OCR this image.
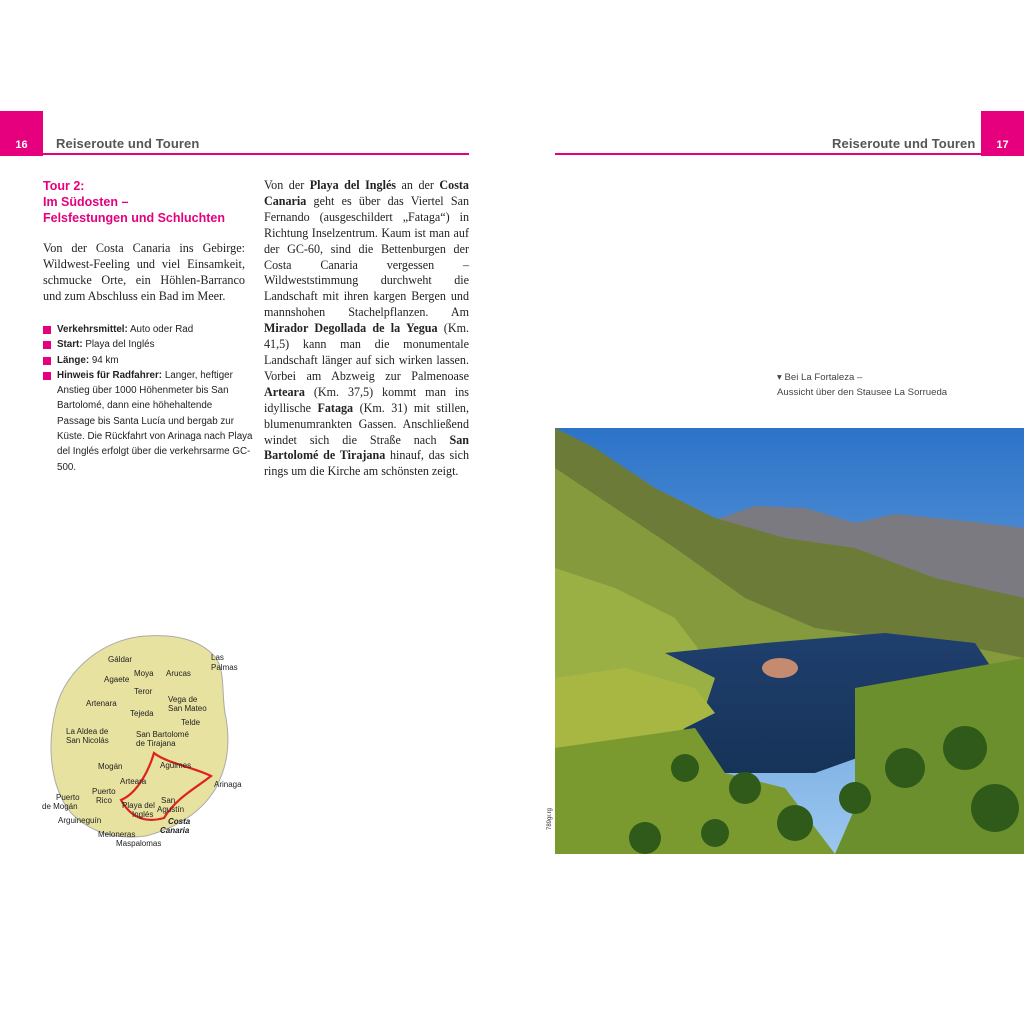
16	Reiseroute und Touren
Tour 2:
Im Südosten –
Felsfestungen und Schluchten
Von der Costa Canaria ins Gebirge: Wildwest-Feeling und viel Einsamkeit, schmucke Orte, ein Höhlen-Barranco und zum Abschluss ein Bad im Meer.
Verkehrsmittel: Auto oder Rad
Start: Playa del Inglés
Länge: 94 km
Hinweis für Radfahrer: Langer, heftiger Anstieg über 1000 Höhenmeter bis San Bartolomé, dann eine höhehaltende Passage bis Santa Lucía und bergab zur Küste. Die Rückfahrt von Arinaga nach Playa del Inglés erfolgt über die verkehrsarme GC-500.
Gáldar
Moya Arucas
Las
Palmas
Agaete
Teror
Artenara	Vega de
San Mateo
Tejeda
Telde
La Aldea de
San Nicolás
San Bartolomé
de Tirajana
Mogán	Agüimes
Arteara	Arinaga
Puerto
Rico
Puerto
de Mogán	Playa del
Inglés
San
Agustín
Arguineguín	Costa
Canaria
Meloneras
Maspalomas

Von der Playa del Inglés an der Costa Canaria geht es über das Viertel San Fernando (ausgeschildert „Fataga“) in Richtung Inselzentrum. Kaum ist man auf der GC-60, sind die Bettenburgen der Costa Canaria vergessen – Wildweststimmung durchweht die Landschaft mit ihren kargen Bergen und mannshohen Stachelpflanzen. Am Mirador Degollada de la Yegua (Km. 41,5) kann man die monumentale Landschaft länger auf sich wirken lassen. Vorbei am Abzweig zur Palmenoase Arteara (Km. 37,5) kommt man ins idyllische Fataga (Km. 31) mit stillen, blumenumrankten Gassen. Anschließend windet sich die Straße nach San Bartolomé de Tirajana hinauf, das sich rings um die Kirche am schönsten zeigt.

Reiseroute und Touren	17
▾ Bei La Fortaleza –
Aussicht über den Stausee La Sorrueda
789gr.rg
